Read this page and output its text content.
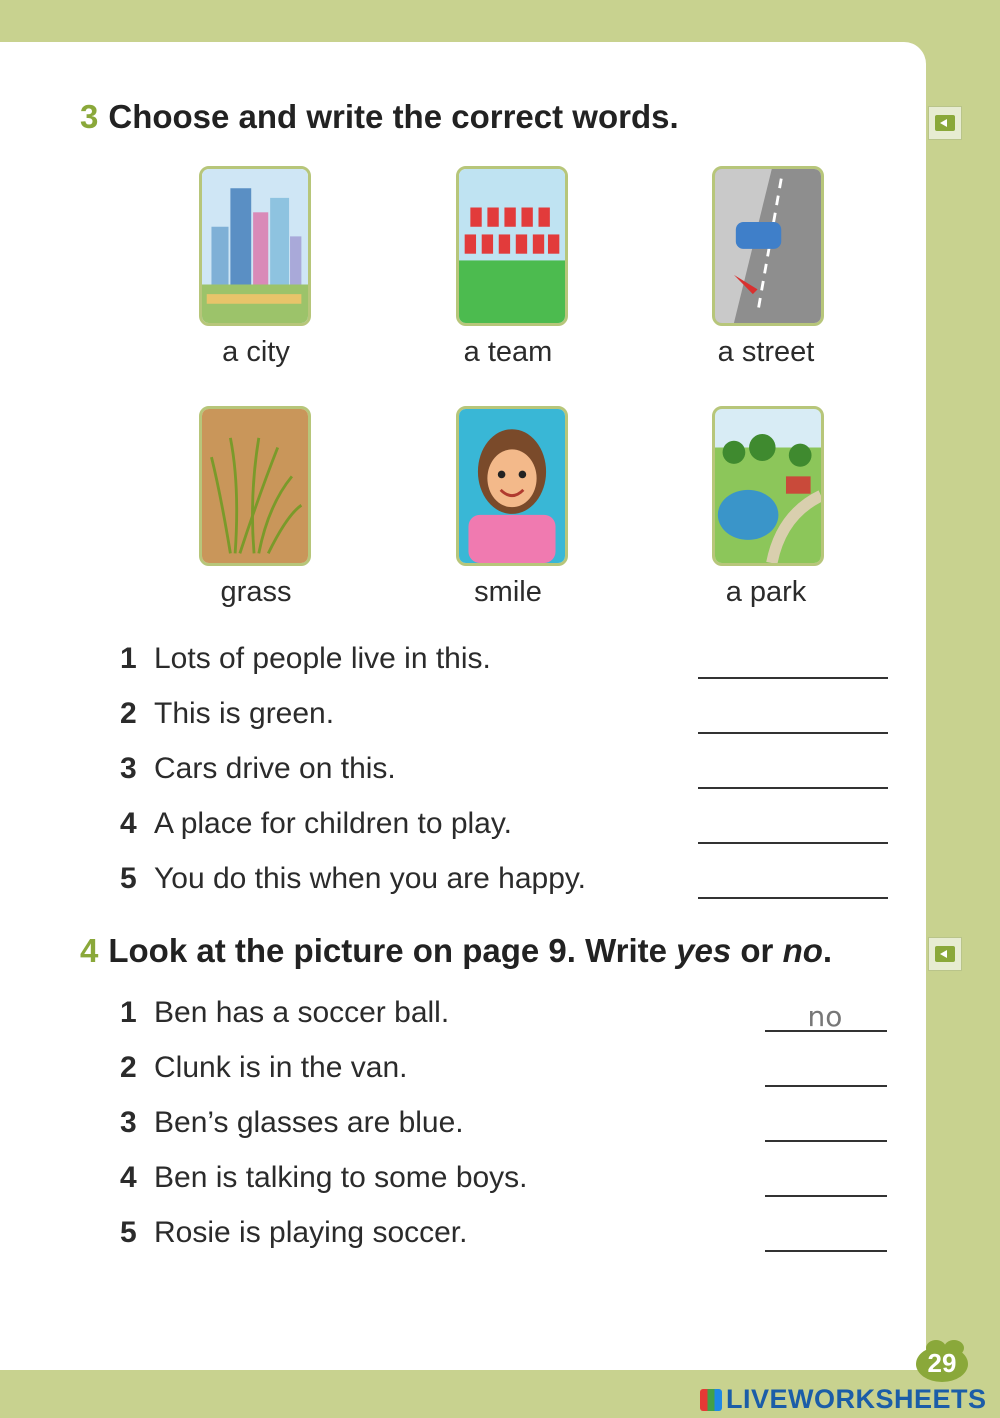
3 Choose and write the correct words.
a city	a team	a street
grass	smile	a park
1 Lots of people live in this.
2 This is green.
3 Cars drive on this.
4 A place for children to play.
5 You do this when you are happy.
4 Look at the picture on page 9. Write yes or no.
1 Ben has a soccer ball.	no
2 Clunk is in the van.
3 Ben’s glasses are blue.
4 Ben is talking to some boys.
5 Rosie is playing soccer.
29
LIVEWORKSHEETS
